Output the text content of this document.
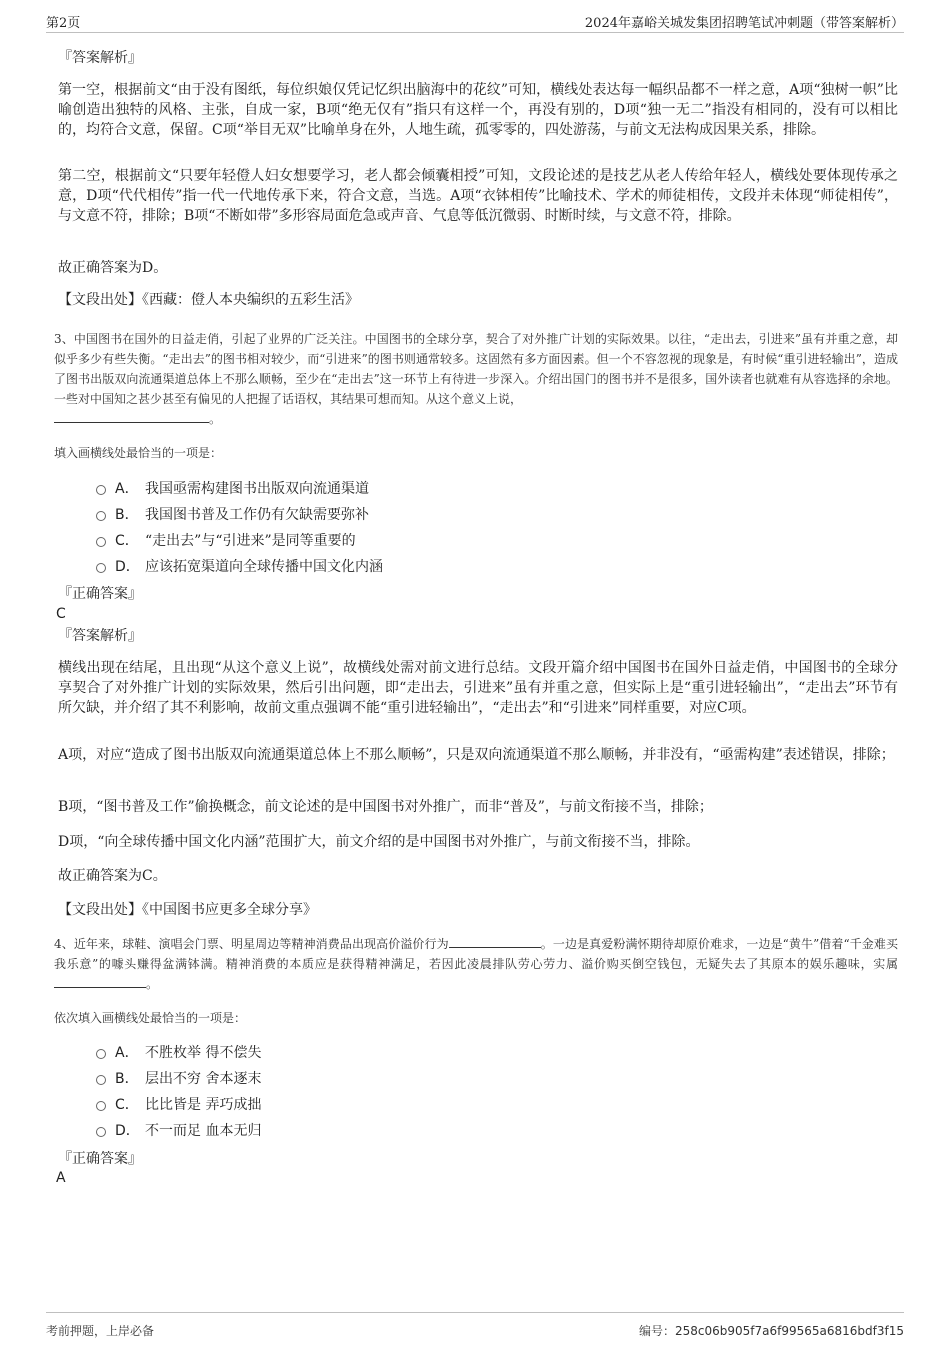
第2页	2024年嘉峪关城发集团招聘笔试冲刺题（带答案解析）
『答案解析』

第一空，根据前文“由于没有图纸，每位织娘仅凭记忆织出脑海中的花纹”可知，横线处表达每一幅织品都不一样之意，A项“独树一帜”比喻创造出独特的风格、主张，自成一家，B项“绝无仅有”指只有这样一个，再没有别的，D项“独一无二”指没有相同的，没有可以相比的，均符合文意，保留。C项“举目无双”比喻单身在外，人地生疏，孤零零的，四处游荡，与前文无法构成因果关系，排除。

第二空，根据前文“只要年轻僜人妇女想要学习，老人都会倾囊相授”可知，文段论述的是技艺从老人传给年轻人，横线处要体现传承之意，D项“代代相传”指一代一代地传承下来，符合文意，当选。A项“衣钵相传”比喻技术、学术的师徒相传，文段并未体现“师徒相传”，与文意不符，排除；B项“不断如带”多形容局面危急或声音、气息等低沉微弱、时断时续，与文意不符，排除。

故正确答案为D。

【文段出处】《西藏：僜人本央编织的五彩生活》

3、中国图书在国外的日益走俏，引起了业界的广泛关注。中国图书的全球分享，契合了对外推广计划的实际效果。以往，“走出去，引进来”虽有并重之意，却似乎多少有些失衡。“走出去”的图书相对较少，而“引进来”的图书则通常较多。这固然有多方面因素。但一个不容忽视的现象是，有时候“重引进轻输出”，造成了图书出版双向流通渠道总体上不那么顺畅，至少在“走出去”这一环节上有待进一步深入。介绍出国门的图书并不是很多，国外读者也就难有从容选择的余地。一些对中国知之甚少甚至有偏见的人把握了话语权，其结果可想而知。从这个意义上说，
。

填入画横线处最恰当的一项是：

A． 我国亟需构建图书出版双向流通渠道
B． 我国图书普及工作仍有欠缺需要弥补
C． “走出去”与“引进来”是同等重要的
D． 应该拓宽渠道向全球传播中国文化内涵
『正确答案』
C
『答案解析』

横线出现在结尾，且出现“从这个意义上说”，故横线处需对前文进行总结。文段开篇介绍中国图书在国外日益走俏，中国图书的全球分享契合了对外推广计划的实际效果，然后引出问题，即“走出去，引进来”虽有并重之意，但实际上是“重引进轻输出”，“走出去”环节有所欠缺，并介绍了其不利影响，故前文重点强调不能“重引进轻输出”，“走出去”和“引进来”同样重要，对应C项。

A项，对应“造成了图书出版双向流通渠道总体上不那么顺畅”，只是双向流通渠道不那么顺畅，并非没有，“亟需构建”表述错误，排除；

B项，“图书普及工作”偷换概念，前文论述的是中国图书对外推广，而非“普及”，与前文衔接不当，排除；

D项，“向全球传播中国文化内涵”范围扩大，前文介绍的是中国图书对外推广，与前文衔接不当，排除。

故正确答案为C。

【文段出处】《中国图书应更多全球分享》

4、近年来，球鞋、演唱会门票、明星周边等精神消费品出现高价溢价行为	。一边是真爱粉满怀期待却原价难求，一边是“黄牛”借着“千金难买我乐意”的噱头赚得盆满钵满。精神消费的本质应是获得精神满足，若因此凌晨排队劳心劳力、溢价购买倒空钱包，无疑失去了其原本的娱乐趣味，实属。

依次填入画横线处最恰当的一项是：

A． 不胜枚举 得不偿失
B． 层出不穷 舍本逐末
C． 比比皆是 弄巧成拙
D． 不一而足 血本无归
『正确答案』
A
考前押题，上岸必备	编号：258c06b905f7a6f99565a6816bdf3f15
